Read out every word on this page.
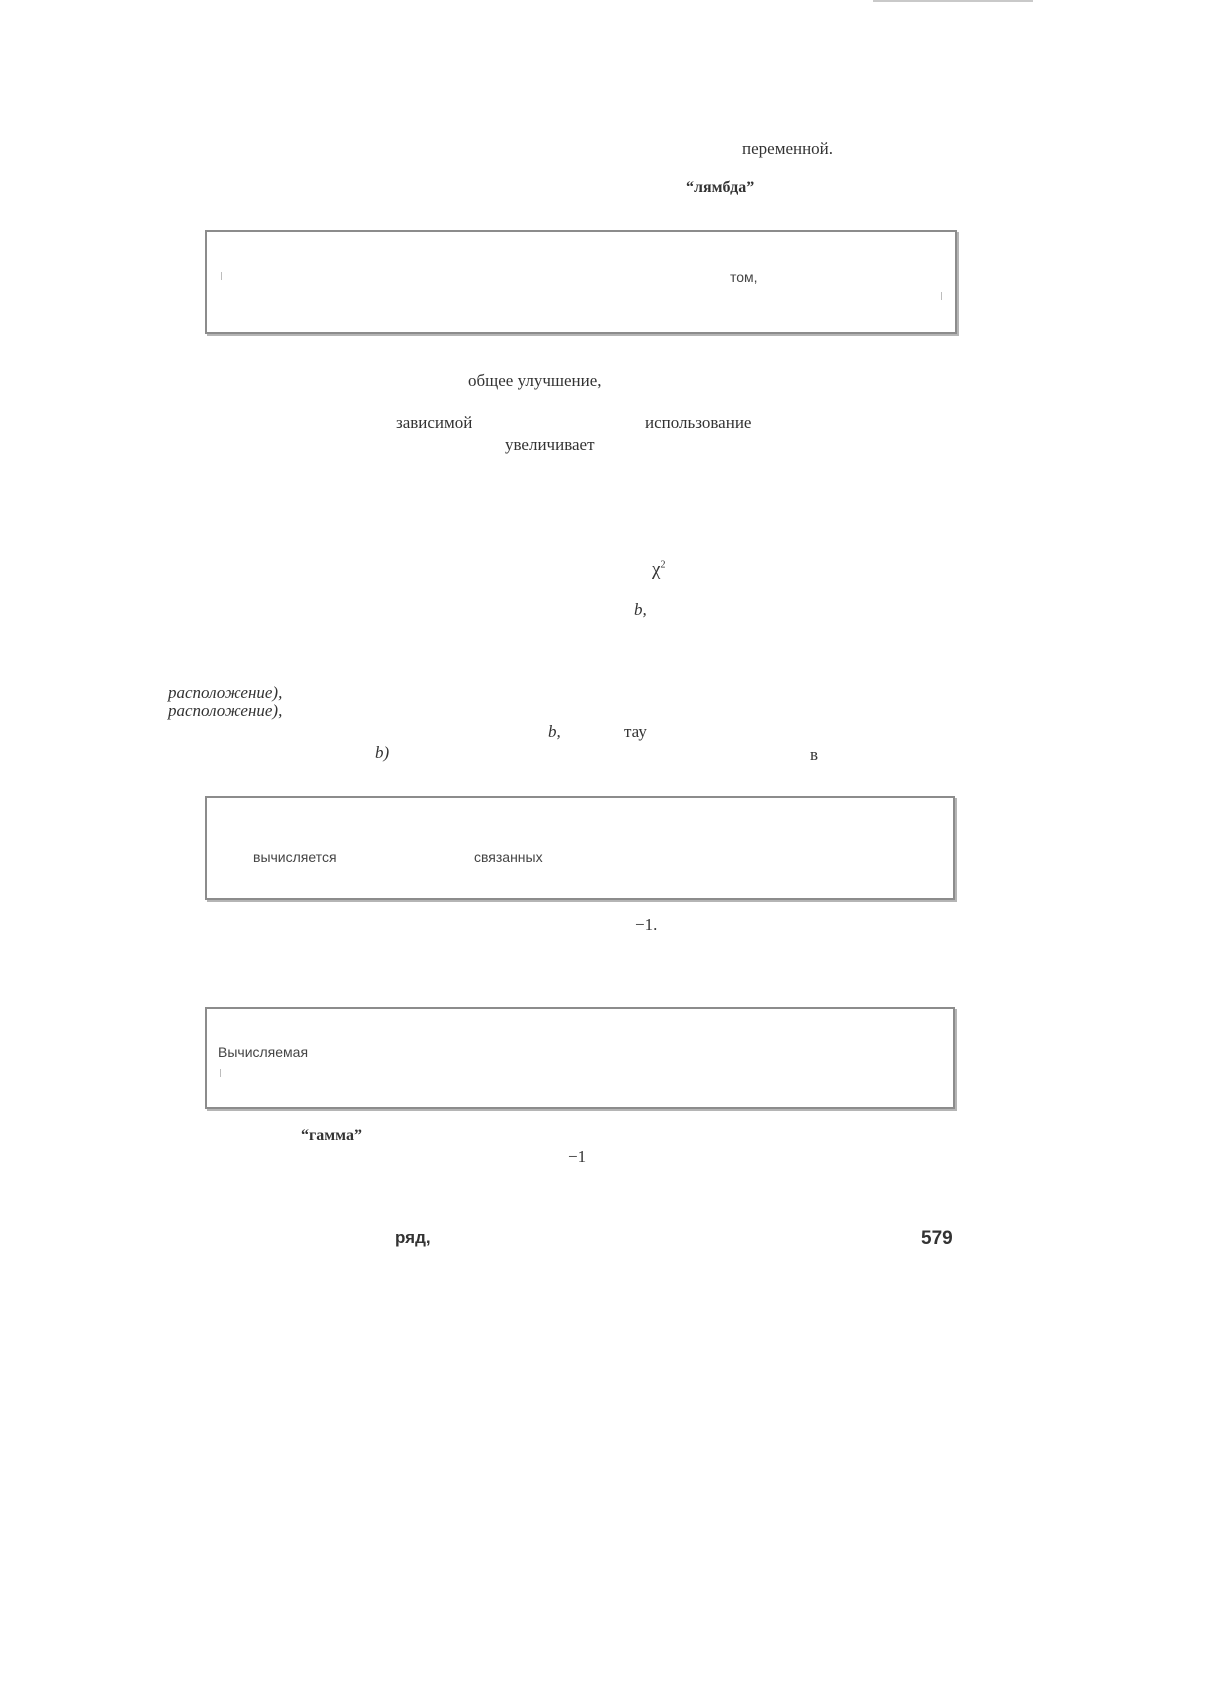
переменной.
“лямбда”
том,
общее улучшение,
зависимой	использование
увеличивает
$\chi^2$
b,
расположение),
расположение),
b,	тау
b)	в
вычисляется	связанных
−1.
Вычисляемая
“гамма”
−1
ряд,	579
